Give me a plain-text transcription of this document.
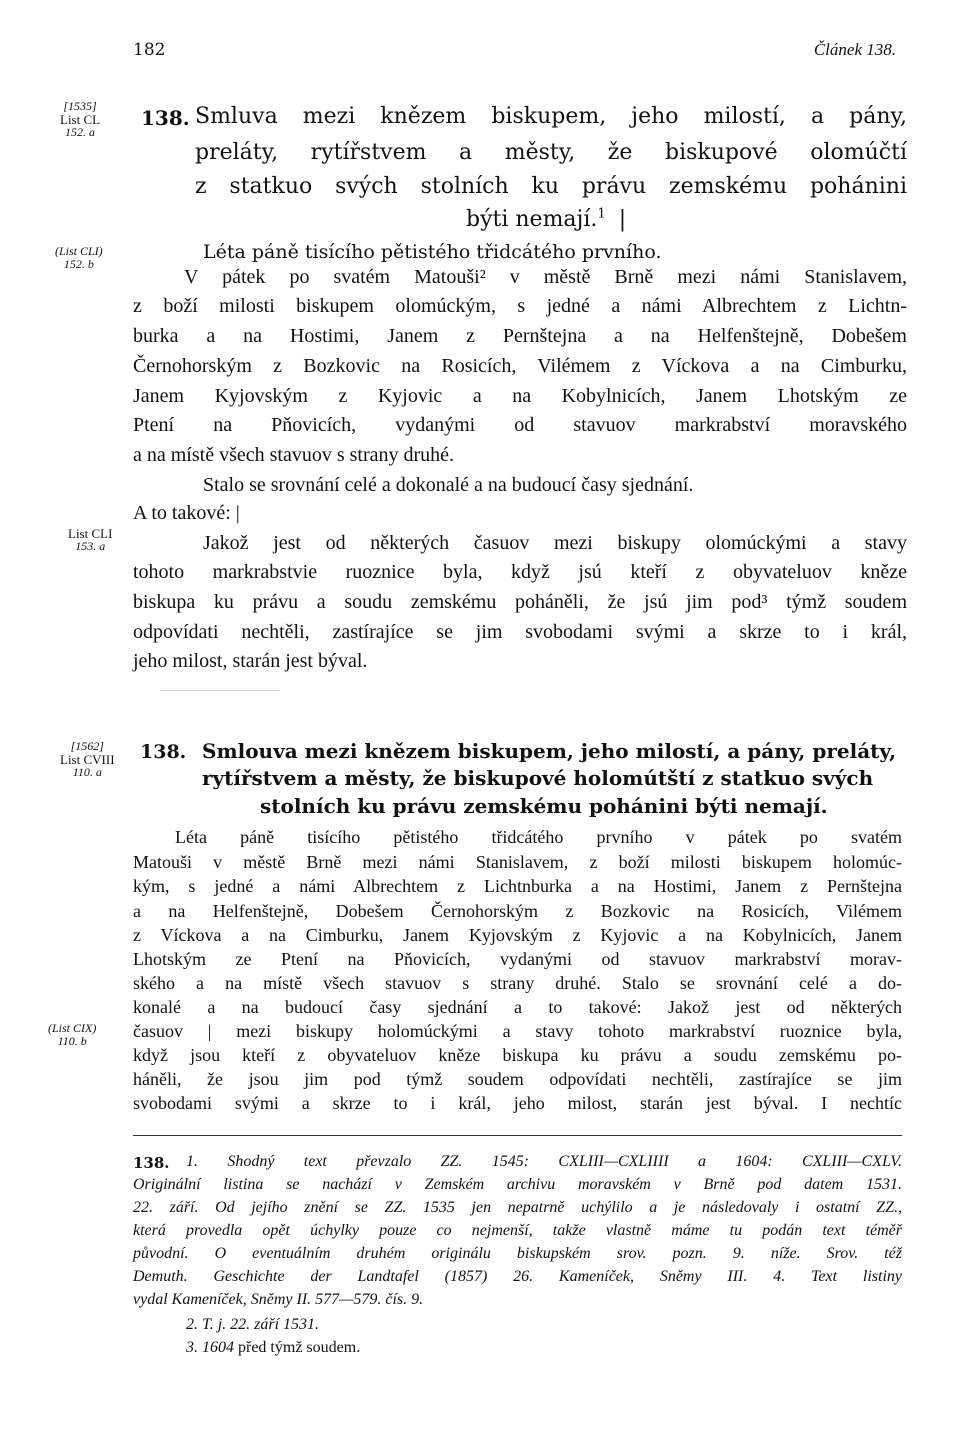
182	Článek 138.
[1535]
List CL
152. a
138. Smluva mezi knězem biskupem, jeho milostí, a pány,
preláty, rytířstvem a městy, že biskupové olomúčtí
z statkuo svých stolních ku právu zemskému pohánini
býti nemají.$^1$ |
(List CLI)
152. b
Léta páně tisícího pětistého třidcátého prvního.
V pátek po svatém Matouši² v městě Brně mezi námi Stanislavem,
z boží milosti biskupem olomúckým, s jedné a námi Albrechtem z Lichtn-
burka a na Hostimi, Janem z Pernštejna a na Helfenštejně, Dobešem
Černohorským z Bozkovic na Rosicích, Vilémem z Víckova a na Cimburku,
Janem Kyjovským z Kyjovic a na Kobylnicích, Janem Lhotským ze
Ptení na Pňovicích, vydanými od stavuov markrabství moravského
a na místě všech stavuov s strany druhé.
Stalo se srovnání celé a dokonalé a na budoucí časy sjednání.
A to takové: |
List CLI
153. a	Jakož jest od některých časuov mezi biskupy olomúckými a stavy
tohoto markrabstvie ruoznice byla, když jsú kteří z obyvateluov kněze
biskupa ku právu a soudu zemskému poháněli, že jsú jim pod³ týmž soudem
odpovídati nechtěli, zastírajíce se jim svobodami svými a skrze to i král,
jeho milost, starán jest býval.
[1562]
List CVIII
110. a
138. Smlouva mezi knězem biskupem, jeho milostí, a pány, preláty,
rytířstvem a městy, že biskupové holomútští z statkuo svých
stolních ku právu zemskému pohánini býti nemají.
Léta páně tisícího pětistého třidcátého prvního v pátek po svatém
Matouši v městě Brně mezi námi Stanislavem, z boží milosti biskupem holomúc-
kým, s jedné a námi Albrechtem z Lichtnburka a na Hostimi, Janem z Pernštejna
a na Helfenštejně, Dobešem Černohorským z Bozkovic na Rosicích, Vilémem
z Víckova a na Cimburku, Janem Kyjovským z Kyjovic a na Kobylnicích, Janem
Lhotským ze Ptení na Pňovicích, vydanými od stavuov markrabství morav-
ského a na místě všech stavuov s strany druhé. Stalo se srovnání celé a do-
konalé a na budoucí časy sjednání a to takové: Jakož jest od některých
(List CIX)
110. b	časuov | mezi biskupy holomúckými a stavy tohoto markrabství ruoznice byla,
když jsou kteří z obyvateluov kněze biskupa ku právu a soudu zemskému po-
háněli, že jsou jim pod týmž soudem odpovídati nechtěli, zastírajíce se jim
svobodami svými a skrze to i král, jeho milost, starán jest býval. I nechtíc
138. 1. Shodný text převzalo ZZ. 1545: CXLIII—CXLIIII a 1604: CXLIII—CXLV.
Originální listina se nachází v Zemském archivu moravském v Brně pod datem 1531.
22. září. Od jejího znění se ZZ. 1535 jen nepatrně uchýlilo a je následovaly i ostatní ZZ.,
která provedla opět úchylky pouze co nejmenší, takže vlastně máme tu podán text téměř
původní. O eventuálním druhém originálu biskupském srov. pozn. 9. níže. Srov. též
Demuth. Geschichte der Landtafel (1857) 26. Kameníček, Sněmy III. 4. Text listiny
vydal Kameníček, Sněmy II. 577—579. čís. 9.
2. T. j. 22. září 1531.
3. 1604 před týmž soudem.
